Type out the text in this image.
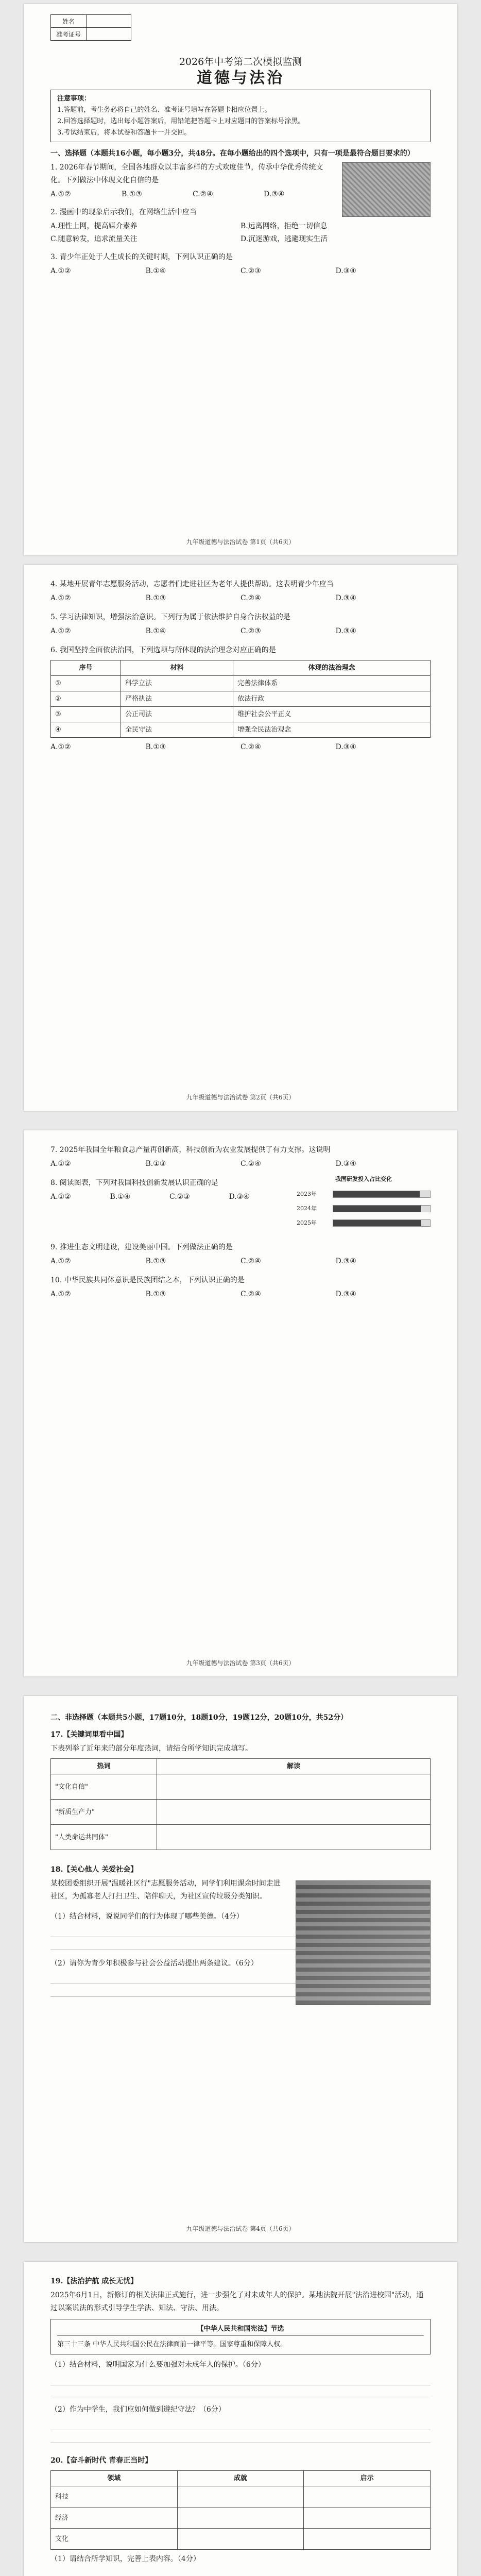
姓名	
准考证号	
2026年中考第二次模拟监测
道德与法治
注意事项：
1.答题前，考生务必将自己的姓名、准考证号填写在答题卡相应位置上。
2.回答选择题时，选出每小题答案后，用铅笔把答题卡上对应题目的答案标号涂黑。
3.考试结束后，将本试卷和答题卡一并交回。
一、选择题（本题共16小题，每小题3分，共48分。在每小题给出的四个选项中，只有一项是最符合题目要求的）
1. 2026年春节期间，全国各地群众以丰富多样的方式欢度佳节，传承中华优秀传统文化。下列做法中体现文化自信的是
A.①②	B.①③	C.②④	D.③④
2. 漫画中的现象启示我们，在网络生活中应当
A.理性上网，提高媒介素养	B.远离网络，拒绝一切信息
C.随意转发，追求流量关注	D.沉迷游戏，逃避现实生活
3. 青少年正处于人生成长的关键时期，下列认识正确的是
A.①②	B.①④	C.②③	D.③④
九年级道德与法治试卷 第1页（共6页）
4. 某地开展青年志愿服务活动，志愿者们走进社区为老年人提供帮助。这表明青少年应当
A.①②	B.①③	C.②④	D.③④
5. 学习法律知识，增强法治意识。下列行为属于依法维护自身合法权益的是
A.①②	B.①④	C.②③	D.③④
6. 我国坚持全面依法治国，下列选项与所体现的法治理念对应正确的是
序号	材料	体现的法治理念
①	科学立法	完善法律体系
②	严格执法	依法行政
③	公正司法	维护社会公平正义
④	全民守法	增强全民法治观念
A.①②	B.①③	C.②④	D.③④
九年级道德与法治试卷 第2页（共6页）
7. 2025年我国全年粮食总产量再创新高，科技创新为农业发展提供了有力支撑。这说明
A.①②	B.①③	C.②④	D.③④
我国研发投入占比变化
2023年
2024年
2025年
8. 阅读图表，下列对我国科技创新发展认识正确的是
A.①②	B.①④	C.②③	D.③④
9. 推进生态文明建设，建设美丽中国。下列做法正确的是
A.①②	B.①③	C.②④	D.③④
10. 中华民族共同体意识是民族团结之本，下列认识正确的是
A.①②	B.①③	C.②④	D.③④
九年级道德与法治试卷 第3页（共6页）
二、非选择题（本题共5小题，17题10分，18题10分，19题12分，20题10分，共52分）
17.【关键词里看中国】
下表列举了近年来的部分年度热词，请结合所学知识完成填写。
热词	解读
"文化自信"	
"新质生产力"	
"人类命运共同体"	
18.【关心他人 关爱社会】
某校团委组织开展"温暖社区行"志愿服务活动，同学们利用课余时间走进社区，为孤寡老人打扫卫生、陪伴聊天，为社区宣传垃圾分类知识。
（1）结合材料，说说同学们的行为体现了哪些美德。（4分）
（2）请你为青少年积极参与社会公益活动提出两条建议。（6分）
九年级道德与法治试卷 第4页（共6页）
19.【法治护航 成长无忧】
2025年6月1日，新修订的相关法律正式施行，进一步强化了对未成年人的保护。某地法院开展"法治进校园"活动，通过以案说法的形式引导学生学法、知法、守法、用法。
【中华人民共和国宪法】节选
第三十三条 中华人民共和国公民在法律面前一律平等。国家尊重和保障人权。
（1）结合材料，说明国家为什么要加强对未成年人的保护。（6分）
（2）作为中学生，我们应如何做到遵纪守法？（6分）
20.【奋斗新时代 青春正当时】
领域	成就	启示
科技		
经济		
文化		
（1）请结合所学知识，完善上表内容。（4分）
